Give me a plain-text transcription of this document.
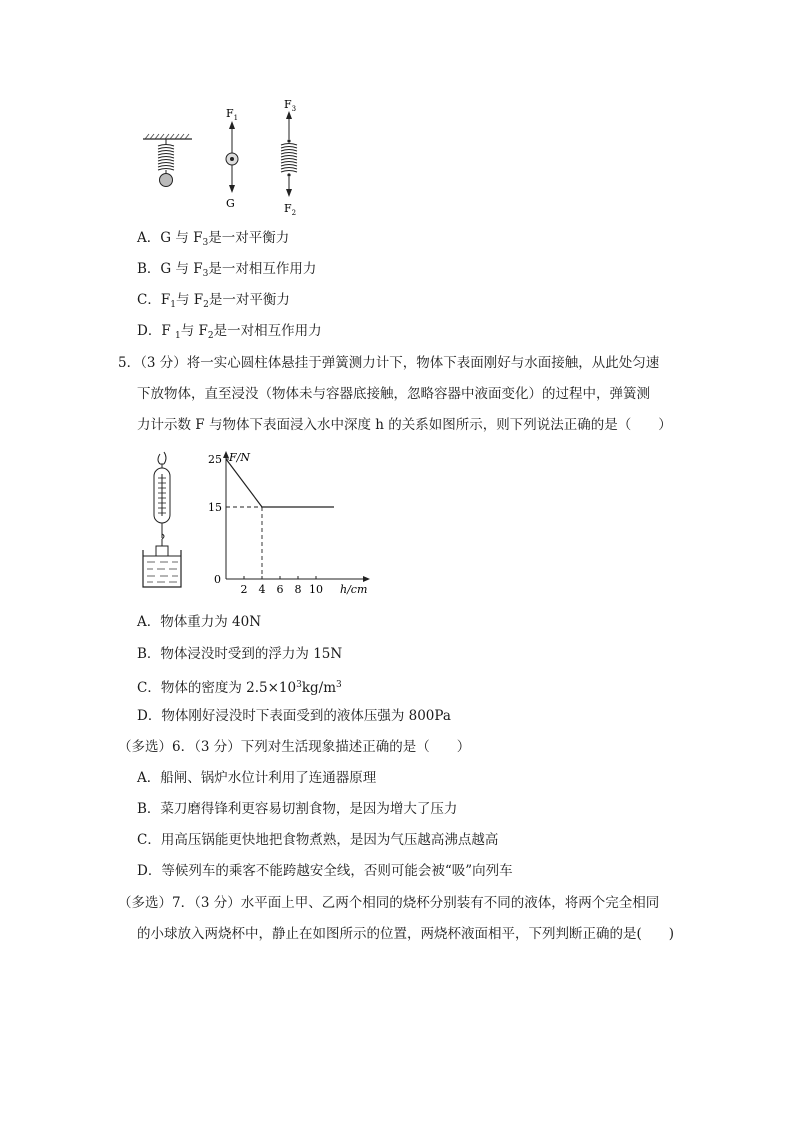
$F_1$
G
$F_3$
$F_2$
A．G 与 $F_3$是一对平衡力
B．G 与 $F_3$是一对相互作用力
C．$F_1$与 $F_2$是一对平衡力
D．F $_1$与 $F_2$是一对相互作用力
5．（3 分）将一实心圆柱体悬挂于弹簧测力计下，物体下表面刚好与水面接触，从此处匀速
下放物体，直至浸没（物体未与容器底接触，忽略容器中液面变化）的过程中，弹簧测
力计示数 F 与物体下表面浸入水中深度 h 的关系如图所示，则下列说法正确的是（　　）
F/N
h/cm
0
2 4 6 8 10
25
15
A．物体重力为 40N
B．物体浸没时受到的浮力为 15N
C．物体的密度为 $2.5\times 10^3kg/m^3$
D．物体刚好浸没时下表面受到的液体压强为 800Pa
（多选）6．（3 分）下列对生活现象描述正确的是（　　）
A．船闸、锅炉水位计利用了连通器原理
B．菜刀磨得锋利更容易切割食物，是因为增大了压力
C．用高压锅能更快地把食物煮熟，是因为气压越高沸点越高
D．等候列车的乘客不能跨越安全线，否则可能会被“吸”向列车
（多选）7．（3 分）水平面上甲、乙两个相同的烧杯分别装有不同的液体，将两个完全相同
的小球放入两烧杯中，静止在如图所示的位置，两烧杯液面相平，下列判断正确的是(　　)
